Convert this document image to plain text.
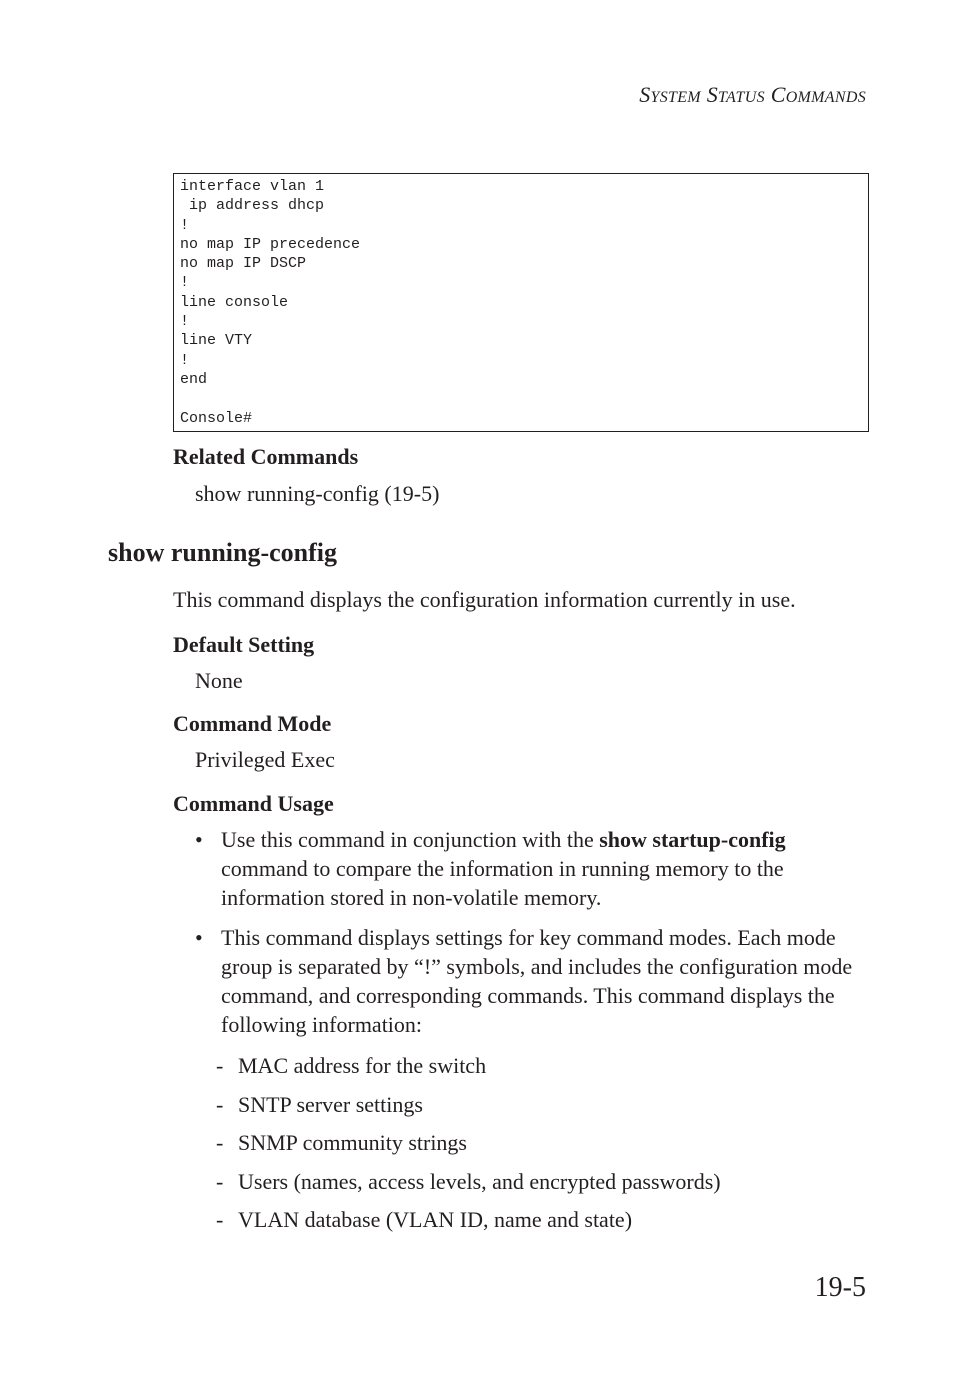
SYSTEM STATUS COMMANDS
interface vlan 1
ip address dhcp
!
no map IP precedence
no map IP DSCP
!
line console
!
line VTY
!
end

Console#
Related Commands
show running-config (19-5)
show running-config
This command displays the configuration information currently in use.
Default Setting
None
Command Mode
Privileged Exec
Command Usage
• Use this command in conjunction with the show startup-config command to compare the information in running memory to the information stored in non-volatile memory.
• This command displays settings for key command modes. Each mode group is separated by “!” symbols, and includes the configuration mode command, and corresponding commands. This command displays the following information:
- MAC address for the switch
- SNTP server settings
- SNMP community strings
- Users (names, access levels, and encrypted passwords)
- VLAN database (VLAN ID, name and state)
19-5
